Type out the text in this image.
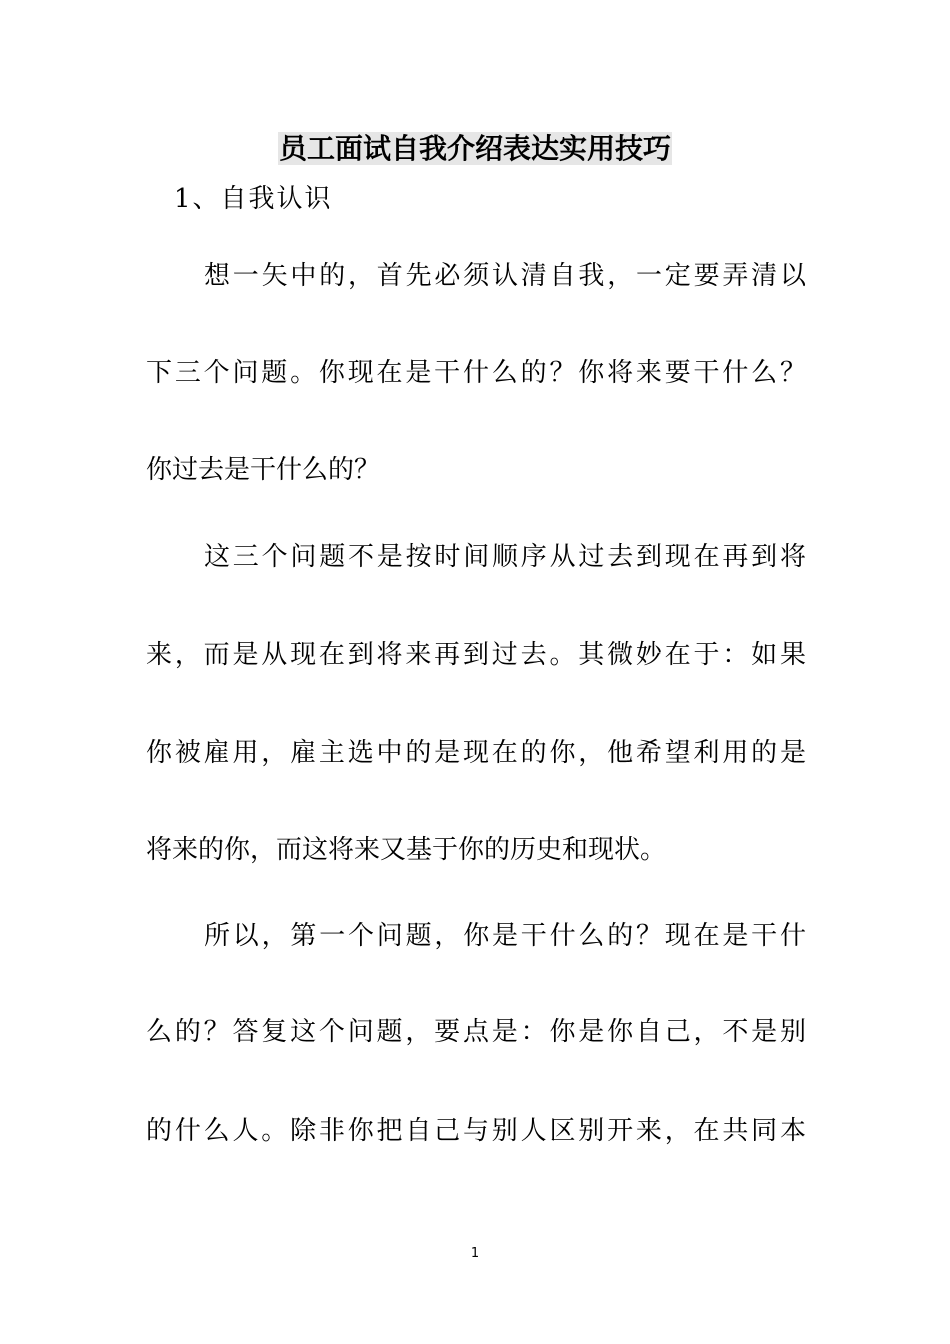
员工面试自我介绍表达实用技巧
1、自我认识
想一矢中的，首先必须认清自我，一定要弄清以
下三个问题。你现在是干什么的？你将来要干什么？
你过去是干什么的？
这三个问题不是按时间顺序从过去到现在再到将
来，而是从现在到将来再到过去。其微妙在于：如果
你被雇用，雇主选中的是现在的你，他希望利用的是
将来的你，而这将来又基于你的历史和现状。
所以，第一个问题，你是干什么的？现在是干什
么的？答复这个问题，要点是：你是你自己，不是别
的什么人。除非你把自己与别人区别开来，在共同本
1
